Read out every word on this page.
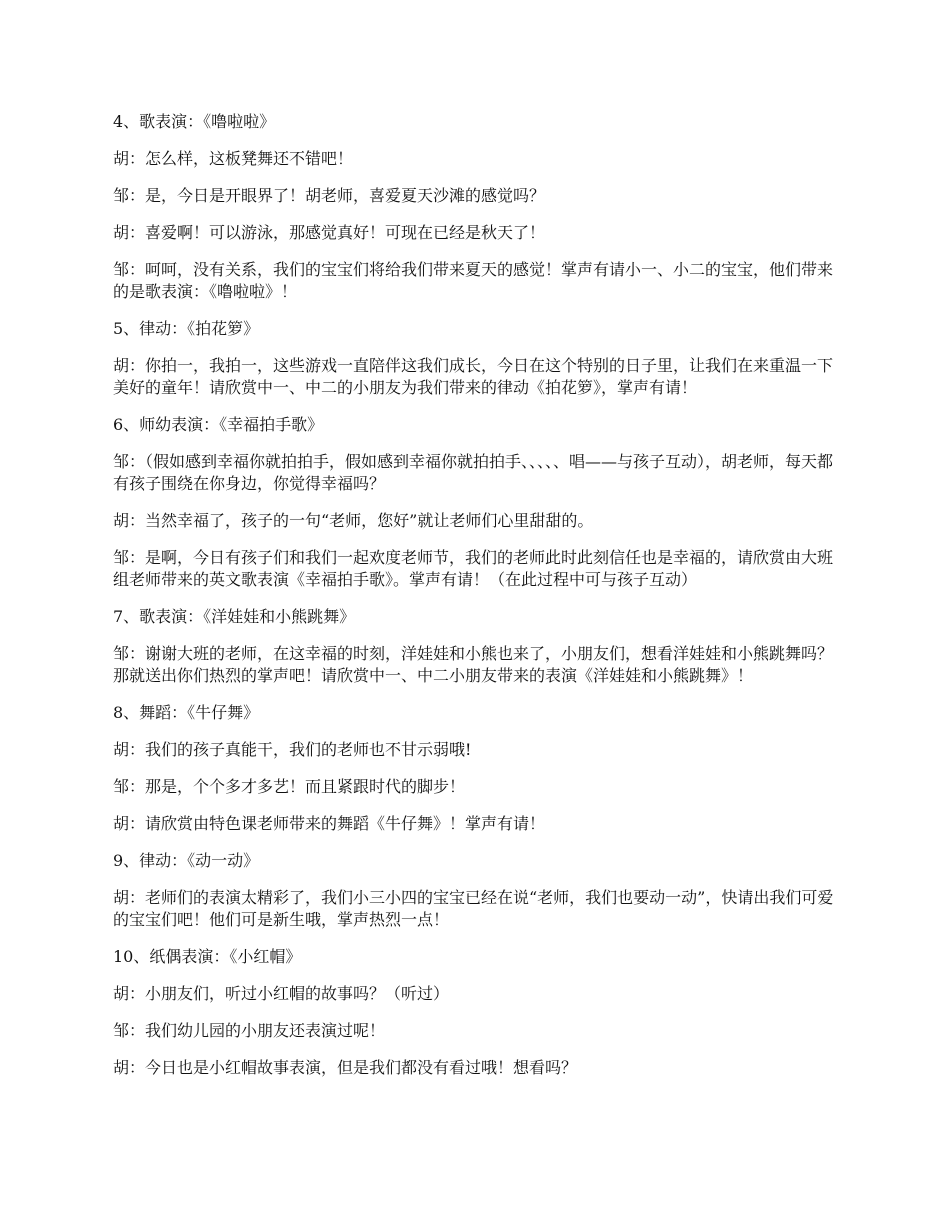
4、歌表演：《噜啦啦》

胡：怎么样，这板凳舞还不错吧！

邹：是，今日是开眼界了！胡老师，喜爱夏天沙滩的感觉吗？

胡：喜爱啊！可以游泳，那感觉真好！可现在已经是秋天了！

邹：呵呵，没有关系，我们的宝宝们将给我们带来夏天的感觉！掌声有请小一、小二的宝宝，他们带来的是歌表演：《噜啦啦》！

5、律动：《拍花箩》

胡：你拍一，我拍一，这些游戏一直陪伴这我们成长，今日在这个特别的日子里，让我们在来重温一下美好的童年！请欣赏中一、中二的小朋友为我们带来的律动《拍花箩》，掌声有请！

6、师幼表演：《幸福拍手歌》

邹：（假如感到幸福你就拍拍手，假如感到幸福你就拍拍手、、、、、唱——与孩子互动），胡老师，每天都有孩子围绕在你身边，你觉得幸福吗？

胡：当然幸福了，孩子的一句“老师，您好”就让老师们心里甜甜的。

邹：是啊，今日有孩子们和我们一起欢度老师节，我们的老师此时此刻信任也是幸福的，请欣赏由大班组老师带来的英文歌表演《幸福拍手歌》。掌声有请！（在此过程中可与孩子互动）

7、歌表演：《洋娃娃和小熊跳舞》

邹：谢谢大班的老师，在这幸福的时刻，洋娃娃和小熊也来了，小朋友们，想看洋娃娃和小熊跳舞吗？那就送出你们热烈的掌声吧！请欣赏中一、中二小朋友带来的表演《洋娃娃和小熊跳舞》！

8、舞蹈：《牛仔舞》

胡：我们的孩子真能干，我们的老师也不甘示弱哦!

邹：那是，个个多才多艺！而且紧跟时代的脚步！

胡：请欣赏由特色课老师带来的舞蹈《牛仔舞》！掌声有请！

9、律动：《动一动》

胡：老师们的表演太精彩了，我们小三小四的宝宝已经在说“老师，我们也要动一动”，快请出我们可爱的宝宝们吧！他们可是新生哦，掌声热烈一点！

10、纸偶表演：《小红帽》

胡：小朋友们，听过小红帽的故事吗？（听过）

邹：我们幼儿园的小朋友还表演过呢！

胡：今日也是小红帽故事表演，但是我们都没有看过哦！想看吗？
